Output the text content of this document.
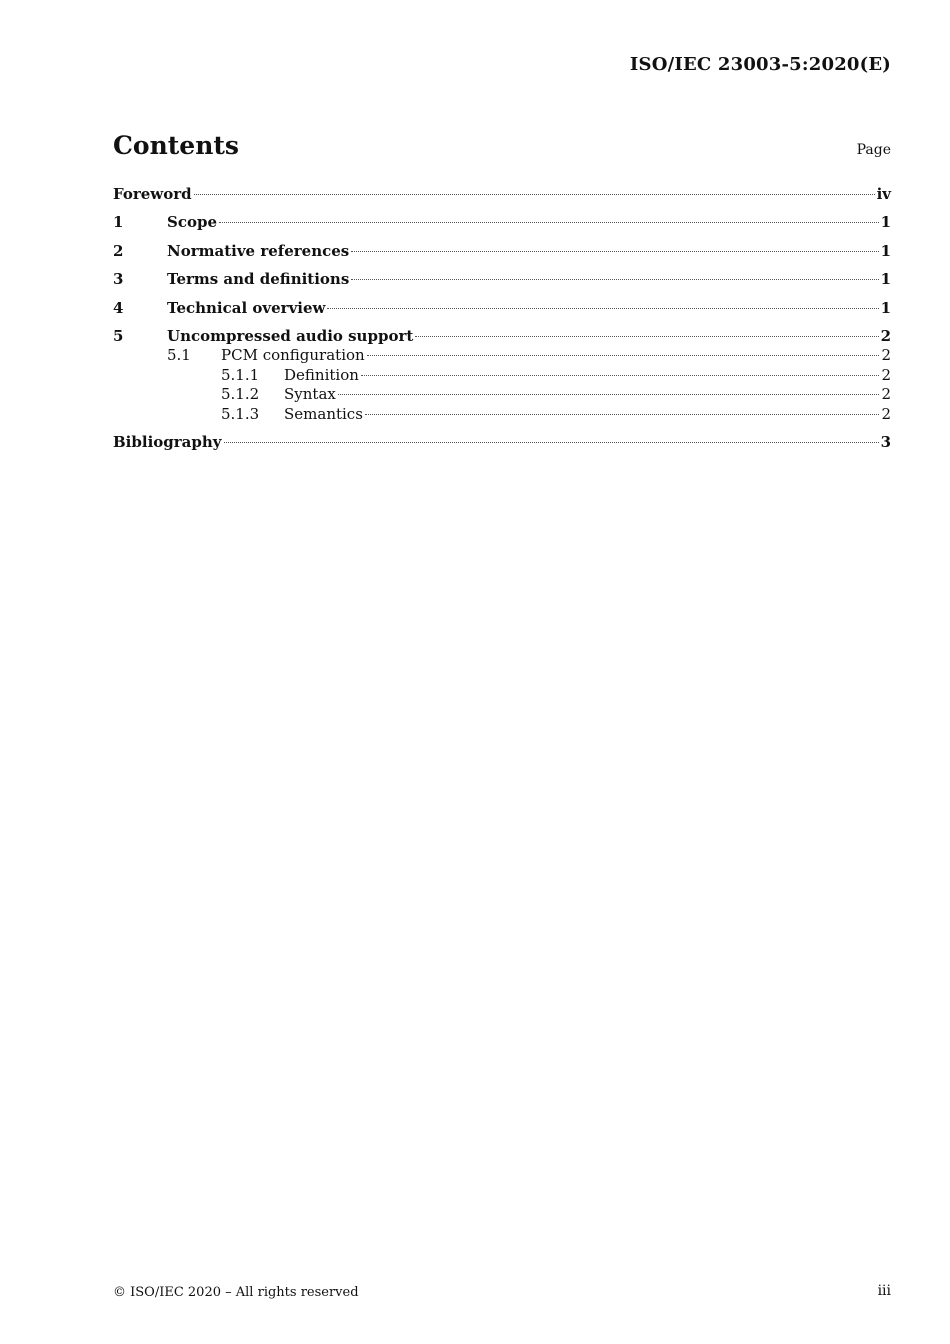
ISO/IEC 23003-5:2020(E)
Contents	Page
Foreword	iv
1	Scope	1
2	Normative references	1
3	Terms and definitions	1
4	Technical overview	1
5	Uncompressed audio support	2
5.1	PCM configuration	2
5.1.1	Definition	2
5.1.2	Syntax	2
5.1.3	Semantics	2
Bibliography	3
© ISO/IEC 2020 – All rights reserved	iii
